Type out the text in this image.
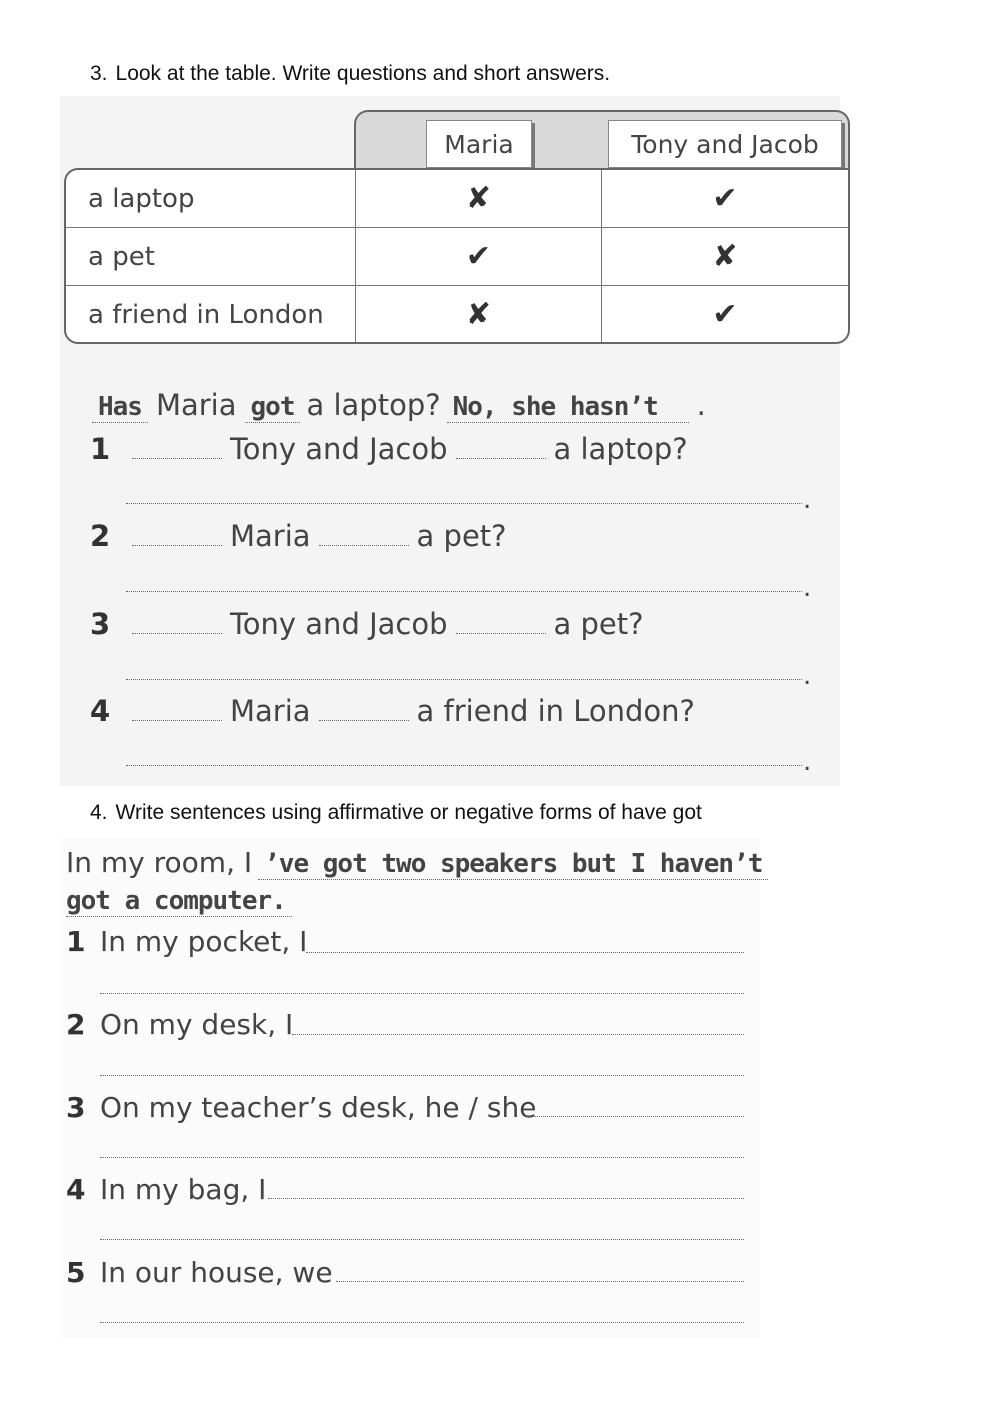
3. Look at the table. Write questions and short answers.
Maria	Tony and Jacob
a laptop	✘	✔
a pet	✔	✘
a friend in London	✘	✔
Has Maria got a laptop? No, she hasn’t	.
1	Tony and Jacob	a laptop?
.
2	Maria	a pet?
.
3	Tony and Jacob	a pet?
.
4	Maria	a friend in London?
.
4. Write sentences using affirmative or negative forms of have got
In my room, I ’ve got two speakers but I haven’t
got a computer.
1 In my pocket, I
2 On my desk, I
3 On my teacher’s desk, he / she
4 In my bag, I
5 In our house, we
